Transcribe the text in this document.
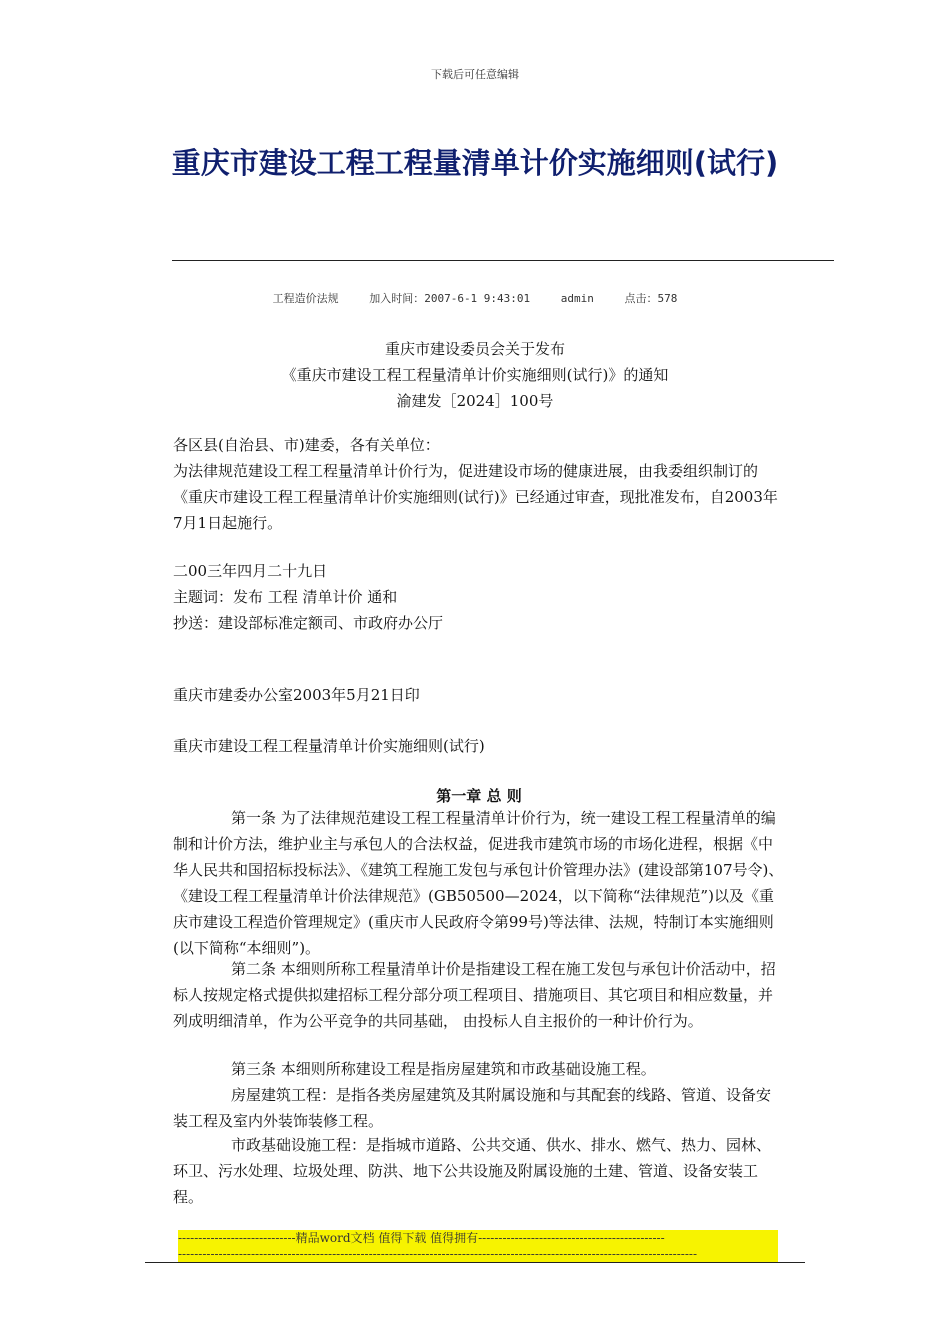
下载后可任意编辑
重庆市建设工程工程量清单计价实施细则(试行)
工程造价法规	加入时间：2007-6-1 9:43:01	admin	点击：578
重庆市建设委员会关于发布
《重庆市建设工程工程量清单计价实施细则(试行)》的通知
渝建发［2024］100号
各区县(自治县、市)建委，各有关单位：
为法律规范建设工程工程量清单计价行为，促进建设市场的健康进展，由我委组织制订的《重庆市建设工程工程量清单计价实施细则(试行)》已经通过审查，现批准发布，自2003年7月1日起施行。
二00三年四月二十九日
主题词：发布 工程 清单计价 通和
抄送：建设部标准定额司、市政府办公厅
重庆市建委办公室2003年5月21日印
重庆市建设工程工程量清单计价实施细则(试行)
第一章 总 则
第一条 为了法律规范建设工程工程量清单计价行为，统一建设工程工程量清单的编制和计价方法，维护业主与承包人的合法权益，促进我市建筑市场的市场化进程，根据《中华人民共和国招标投标法》、《建筑工程施工发包与承包计价管理办法》(建设部第107号令)、《建设工程工程量清单计价法律规范》(GB50500—2024，以下简称“法律规范”)以及《重庆市建设工程造价管理规定》(重庆市人民政府令第99号)等法律、法规，特制订本实施细则(以下简称“本细则”)。
第二条 本细则所称工程量清单计价是指建设工程在施工发包与承包计价活动中，招标人按规定格式提供拟建招标工程分部分项工程项目、措施项目、其它项目和相应数量，并列成明细清单，作为公平竞争的共同基础， 由投标人自主报价的一种计价行为。
第三条 本细则所称建设工程是指房屋建筑和市政基础设施工程。
房屋建筑工程：是指各类房屋建筑及其附属设施和与其配套的线路、管道、设备安装工程及室内外装饰装修工程。
市政基础设施工程：是指城市道路、公共交通、供水、排水、燃气、热力、园林、环卫、污水处理、垃圾处理、防洪、地下公共设施及附属设施的土建、管道、设备安装工程。
-----------------------------精品word文档 值得下载 值得拥有----------------------------------------------
--------------------------------------------------------------------------------------------------------------------------------
